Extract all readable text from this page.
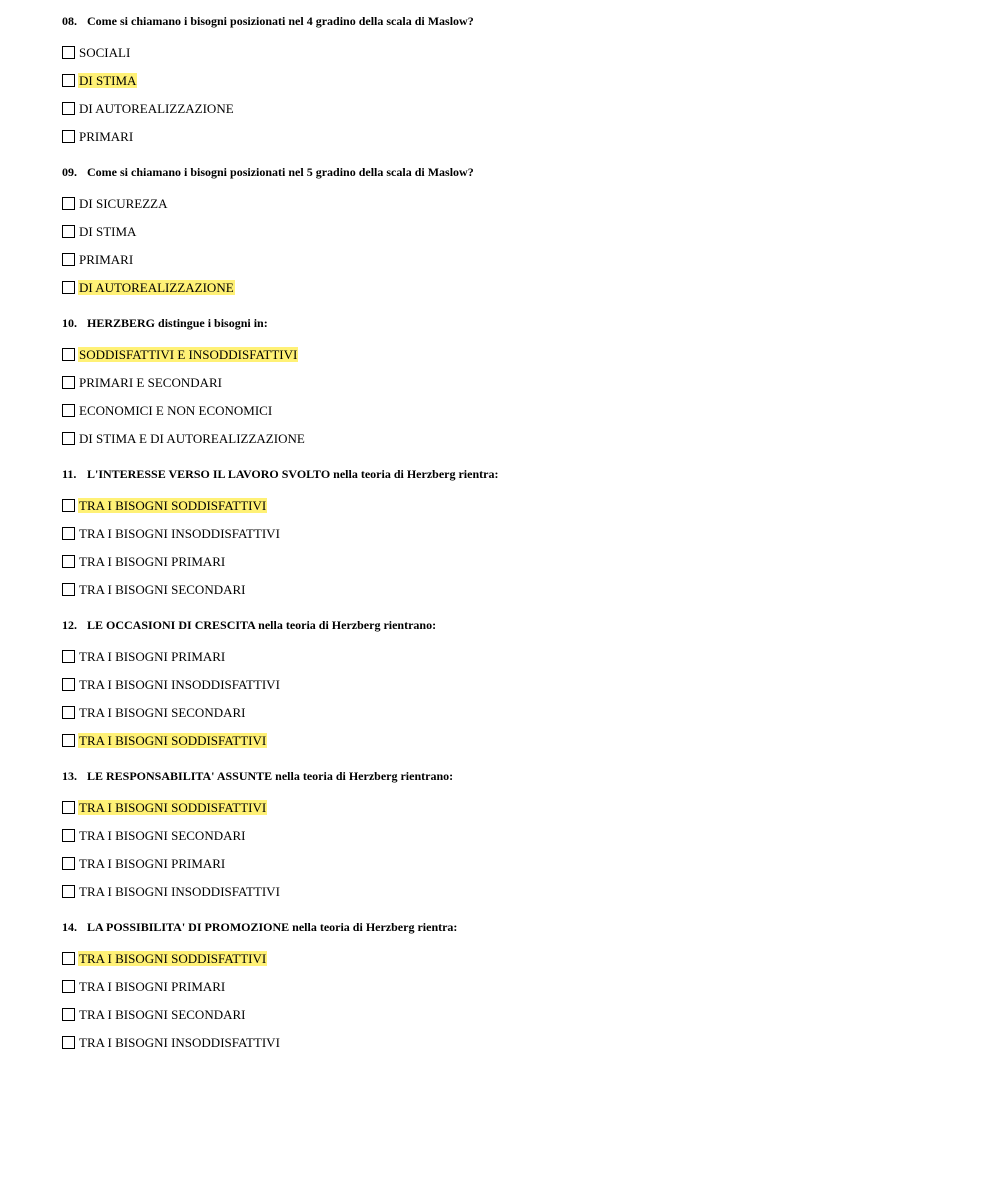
08. Come si chiamano i bisogni posizionati nel 4 gradino della scala di Maslow?
SOCIALI
DI STIMA
DI AUTOREALIZZAZIONE
PRIMARI
09. Come si chiamano i bisogni posizionati nel 5 gradino della scala di Maslow?
DI SICUREZZA
DI STIMA
PRIMARI
DI AUTOREALIZZAZIONE
10. HERZBERG distingue i bisogni in:
SODDISFATTIVI E INSODDISFATTIVI
PRIMARI E SECONDARI
ECONOMICI E NON ECONOMICI
DI STIMA E DI AUTOREALIZZAZIONE
11. L'INTERESSE VERSO IL LAVORO SVOLTO nella teoria di Herzberg rientra:
TRA I BISOGNI SODDISFATTIVI
TRA I BISOGNI INSODDISFATTIVI
TRA I BISOGNI PRIMARI
TRA I BISOGNI SECONDARI
12. LE OCCASIONI DI CRESCITA nella teoria di Herzberg rientrano:
TRA I BISOGNI PRIMARI
TRA I BISOGNI INSODDISFATTIVI
TRA I BISOGNI SECONDARI
TRA I BISOGNI SODDISFATTIVI
13. LE RESPONSABILITA' ASSUNTE nella teoria di Herzberg rientrano:
TRA I BISOGNI SODDISFATTIVI
TRA I BISOGNI SECONDARI
TRA I BISOGNI PRIMARI
TRA I BISOGNI INSODDISFATTIVI
14. LA POSSIBILITA' DI PROMOZIONE nella teoria di Herzberg rientra:
TRA I BISOGNI SODDISFATTIVI
TRA I BISOGNI PRIMARI
TRA I BISOGNI SECONDARI
TRA I BISOGNI INSODDISFATTIVI
